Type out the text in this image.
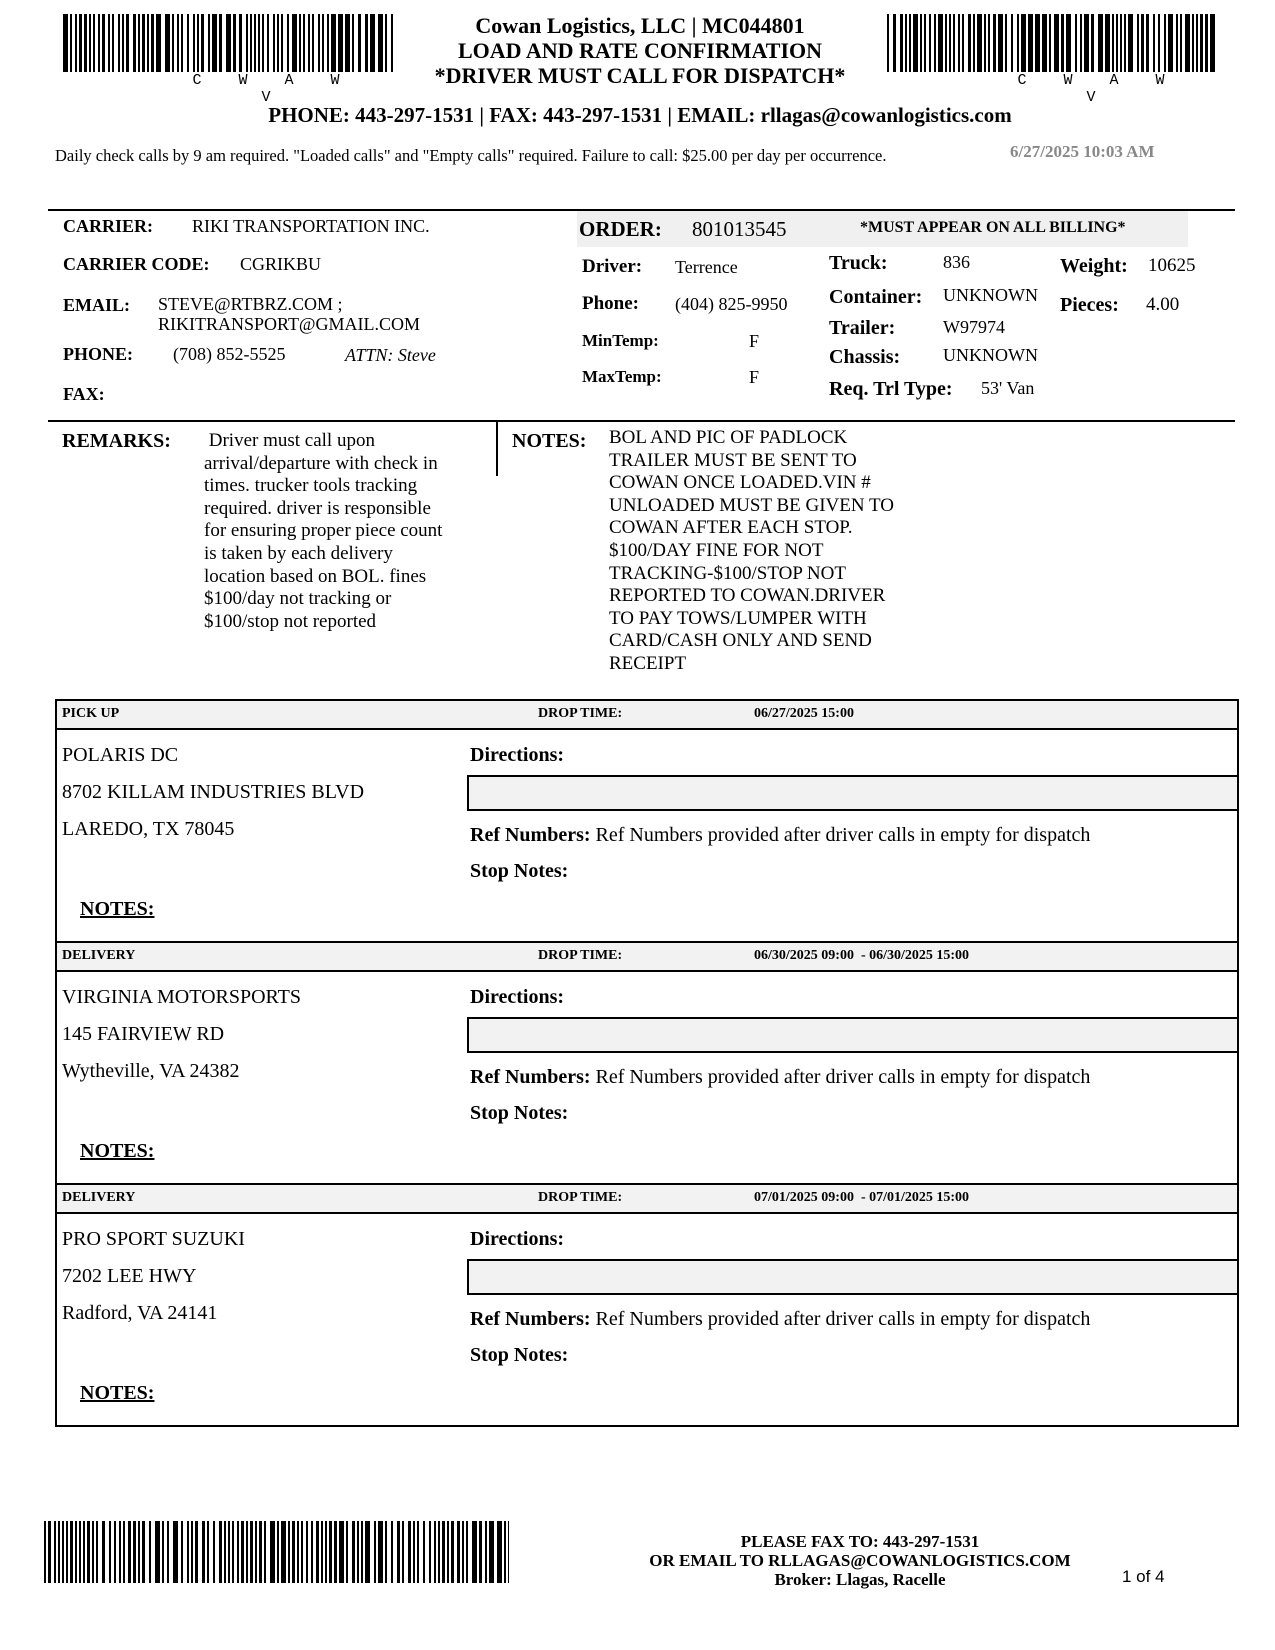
C W A W V
C W A W V
Cowan Logistics, LLC | MC044801
LOAD AND RATE CONFIRMATION
*DRIVER MUST CALL FOR DISPATCH*
PHONE: 443-297-1531 | FAX: 443-297-1531 | EMAIL: rllagas@cowanlogistics.com
Daily check calls by 9 am required. "Loaded calls" and "Empty calls" required. Failure to call: $25.00 per day per occurrence.	6/27/2025 10:03 AM
CARRIER: RIKI TRANSPORTATION INC.
CARRIER CODE: CGRIKBU
EMAIL: STEVE@RTBRZ.COM ;
RIKITRANSPORT@GMAIL.COM
PHONE: (708) 852-5525	ATTN: Steve
FAX:
ORDER: 801013545	*MUST APPEAR ON ALL BILLING*
Driver: Terrence
Phone: (404) 825-9950
MinTemp:	F
MaxTemp:	F
Truck:	836
Container: UNKNOWN
Trailer:	W97974
Chassis: UNKNOWN
Req. Trl Type: 53' Van
Weight: 10625
Pieces: 4.00
REMARKS: Driver must call upon
arrival/departure with check in
times. trucker tools tracking
required. driver is responsible
for ensuring proper piece count
is taken by each delivery
location based on BOL. fines
$100/day not tracking or
$100/stop not reported
NOTES: BOL AND PIC OF PADLOCK
TRAILER MUST BE SENT TO
COWAN ONCE LOADED.VIN #
UNLOADED MUST BE GIVEN TO
COWAN AFTER EACH STOP.
$100/DAY FINE FOR NOT
TRACKING-$100/STOP NOT
REPORTED TO COWAN.DRIVER
TO PAY TOWS/LUMPER WITH
CARD/CASH ONLY AND SEND
RECEIPT
PICK UP	DROP TIME:	06/27/2025 15:00
POLARIS DC
8702 KILLAM INDUSTRIES BLVD
LAREDO, TX 78045
Directions:
Ref Numbers: Ref Numbers provided after driver calls in empty for dispatch
Stop Notes:
NOTES:
DELIVERY	DROP TIME:	06/30/2025 09:00  - 06/30/2025 15:00
VIRGINIA MOTORSPORTS
145 FAIRVIEW RD
Wytheville, VA 24382
Directions:
Ref Numbers: Ref Numbers provided after driver calls in empty for dispatch
Stop Notes:
NOTES:
DELIVERY	DROP TIME:	07/01/2025 09:00  - 07/01/2025 15:00
PRO SPORT SUZUKI
7202 LEE HWY
Radford, VA 24141
Directions:
Ref Numbers: Ref Numbers provided after driver calls in empty for dispatch
Stop Notes:
NOTES:
PLEASE FAX TO: 443-297-1531
OR EMAIL TO RLLAGAS@COWANLOGISTICS.COM
Broker: Llagas, Racelle	1 of 4
